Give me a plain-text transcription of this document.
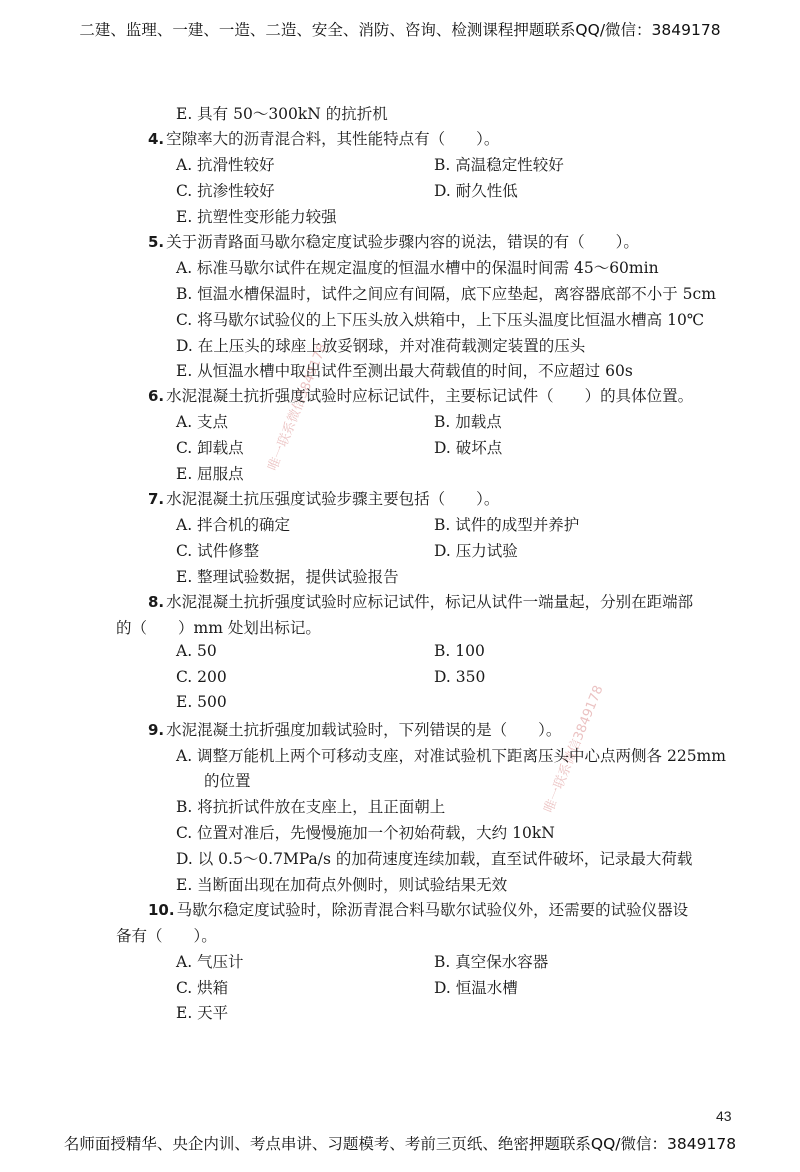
二建、监理、一建、一造、二造、安全、消防、咨询、检测课程押题联系QQ/微信：3849178
唯一联系微信3849178
唯一联系微信3849178
E. 具有 50～300kN 的抗折机
4. 空隙率大的沥青混合料，其性能特点有（　　）。
A. 抗滑性较好	B. 高温稳定性较好
C. 抗渗性较好	D. 耐久性低
E. 抗塑性变形能力较强
5. 关于沥青路面马歇尔稳定度试验步骤内容的说法，错误的有（　　）。
A. 标准马歇尔试件在规定温度的恒温水槽中的保温时间需 45～60min
B. 恒温水槽保温时，试件之间应有间隔，底下应垫起，离容器底部不小于 5cm
C. 将马歇尔试验仪的上下压头放入烘箱中，上下压头温度比恒温水槽高 10℃
D. 在上压头的球座上放妥钢球，并对准荷载测定装置的压头
E. 从恒温水槽中取出试件至测出最大荷载值的时间，不应超过 60s
6. 水泥混凝土抗折强度试验时应标记试件，主要标记试件（　　）的具体位置。
A. 支点	B. 加载点
C. 卸载点	D. 破坏点
E. 屈服点
7. 水泥混凝土抗压强度试验步骤主要包括（　　）。
A. 拌合机的确定	B. 试件的成型并养护
C. 试件修整	D. 压力试验
E. 整理试验数据，提供试验报告
8. 水泥混凝土抗折强度试验时应标记试件，标记从试件一端量起，分别在距端部
的（　　）mm 处划出标记。
A. 50	B. 100
C. 200	D. 350
E. 500
9. 水泥混凝土抗折强度加载试验时，下列错误的是（　　）。
A. 调整万能机上两个可移动支座，对准试验机下距离压头中心点两侧各 225mm
的位置
B. 将抗折试件放在支座上，且正面朝上
C. 位置对准后，先慢慢施加一个初始荷载，大约 10kN
D. 以 0.5～0.7MPa/s 的加荷速度连续加载，直至试件破坏，记录最大荷载
E. 当断面出现在加荷点外侧时，则试验结果无效
10. 马歇尔稳定度试验时，除沥青混合料马歇尔试验仪外，还需要的试验仪器设
备有（　　）。
A. 气压计	B. 真空保水容器
C. 烘箱	D. 恒温水槽
E. 天平
43
名师面授精华、央企内训、考点串讲、习题模考、考前三页纸、绝密押题联系QQ/微信：3849178
